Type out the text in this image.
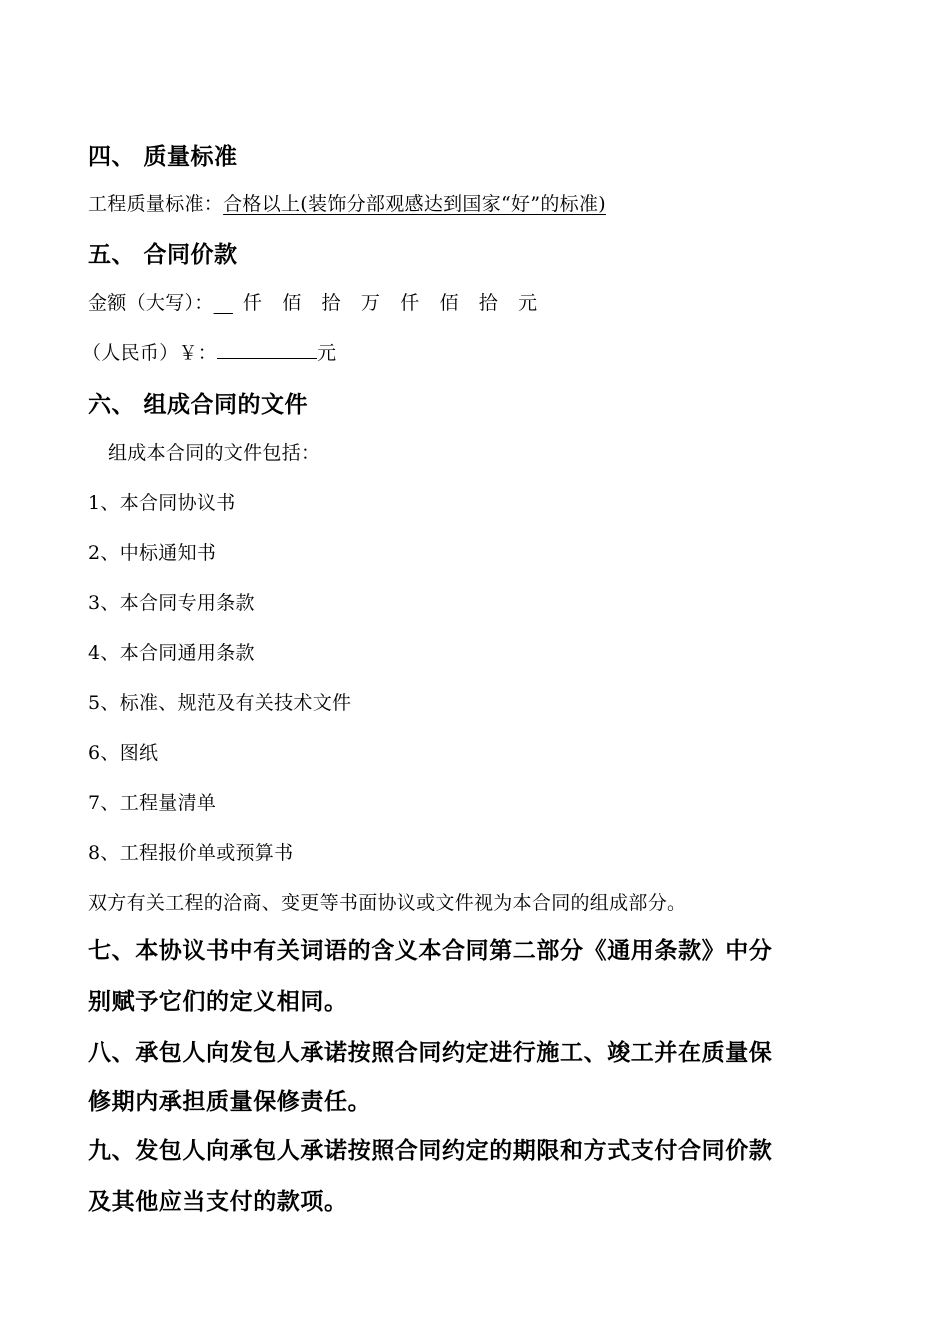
四、 质量标准
工程质量标准：合格以上(装饰分部观感达到国家“好”的标准)
五、 合同价款
金额（大写）：  仟 佰 拾 万 仟 佰 拾 元
（人民币）￥：	元
六、 组成合同的文件
组成本合同的文件包括：
1、本合同协议书
2、中标通知书
3、本合同专用条款
4、本合同通用条款
5、标准、规范及有关技术文件
6、图纸
7、工程量清单
8、工程报价单或预算书
双方有关工程的洽商、变更等书面协议或文件视为本合同的组成部分。
七、本协议书中有关词语的含义本合同第二部分《通用条款》中分
别赋予它们的定义相同。
八、承包人向发包人承诺按照合同约定进行施工、竣工并在质量保
修期内承担质量保修责任。
九、发包人向承包人承诺按照合同约定的期限和方式支付合同价款
及其他应当支付的款项。
